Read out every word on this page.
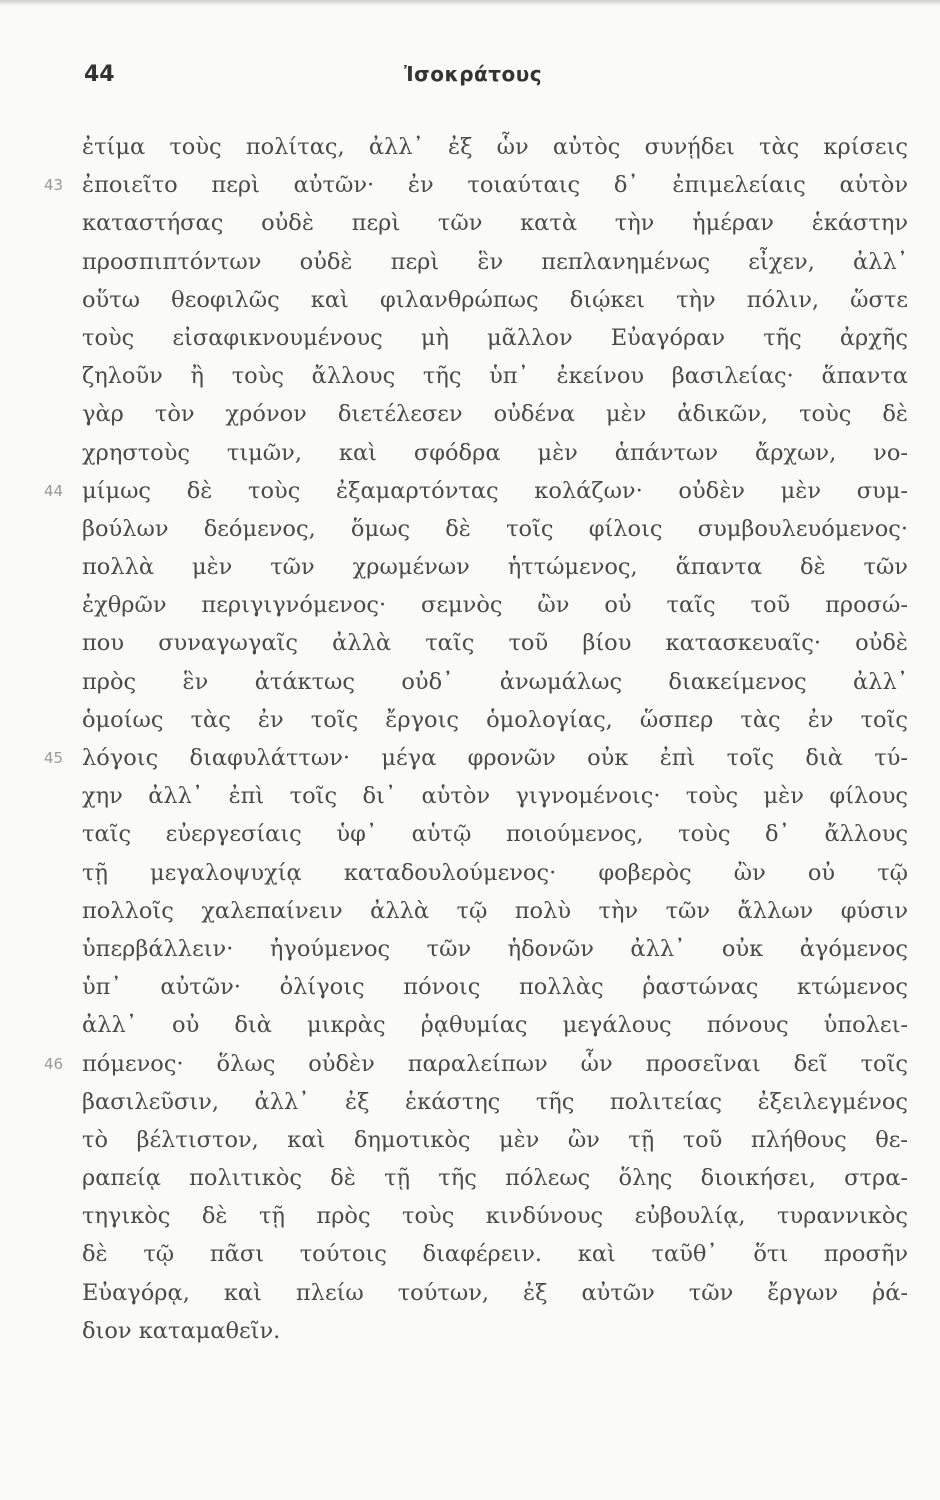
44	Ἰσοκράτους
ἐτίμα τοὺς πολίτας, ἀλλ᾽ ἐξ ὧν αὐτὸς συνῄδει τὰς κρίσεις
43 ἐποιεῖτο περὶ αὐτῶν· ἐν τοιαύταις δ᾽ ἐπιμελείαις αὑτὸν
καταστήσας οὐδὲ περὶ τῶν κατὰ τὴν ἡμέραν ἑκάστην
προσπιπτόντων οὐδὲ περὶ ἓν πεπλανημένως εἶχεν, ἀλλ᾽
οὕτω θεοφιλῶς καὶ φιλανθρώπως διῴκει τὴν πόλιν, ὥστε
τοὺς εἰσαφικνουμένους μὴ μᾶλλον Εὐαγόραν τῆς ἀρχῆς
ζηλοῦν ἢ τοὺς ἄλλους τῆς ὑπ᾽ ἐκείνου βασιλείας· ἅπαντα
γὰρ τὸν χρόνον διετέλεσεν οὐδένα μὲν ἀδικῶν, τοὺς δὲ
χρηστοὺς τιμῶν, καὶ σφόδρα μὲν ἁπάντων ἄρχων, νο-
44 μίμως δὲ τοὺς ἐξαμαρτόντας κολάζων· οὐδὲν μὲν συμ-
βούλων δεόμενος, ὅμως δὲ τοῖς φίλοις συμβουλευόμενος·
πολλὰ μὲν τῶν χρωμένων ἡττώμενος, ἅπαντα δὲ τῶν
ἐχθρῶν περιγιγνόμενος· σεμνὸς ὢν οὐ ταῖς τοῦ προσώ-
που συναγωγαῖς ἀλλὰ ταῖς τοῦ βίου κατασκευαῖς· οὐδὲ
πρὸς ἓν ἀτάκτως οὐδ᾽ ἀνωμάλως διακείμενος ἀλλ᾽
ὁμοίως τὰς ἐν τοῖς ἔργοις ὁμολογίας, ὥσπερ τὰς ἐν τοῖς
45 λόγοις διαφυλάττων· μέγα φρονῶν οὐκ ἐπὶ τοῖς διὰ τύ-
χην ἀλλ᾽ ἐπὶ τοῖς δι᾽ αὑτὸν γιγνομένοις· τοὺς μὲν φίλους
ταῖς εὐεργεσίαις ὑφ᾽ αὑτῷ ποιούμενος, τοὺς δ᾽ ἄλλους
τῇ μεγαλοψυχίᾳ καταδουλούμενος· φοβερὸς ὢν οὐ τῷ
πολλοῖς χαλεπαίνειν ἀλλὰ τῷ πολὺ τὴν τῶν ἄλλων φύσιν
ὑπερβάλλειν· ἡγούμενος τῶν ἡδονῶν ἀλλ᾽ οὐκ ἀγόμενος
ὑπ᾽ αὐτῶν· ὀλίγοις πόνοις πολλὰς ῥαστώνας κτώμενος
ἀλλ᾽ οὐ διὰ μικρὰς ῥᾳθυμίας μεγάλους πόνους ὑπολει-
46 πόμενος· ὅλως οὐδὲν παραλείπων ὧν προσεῖναι δεῖ τοῖς
βασιλεῦσιν, ἀλλ᾽ ἐξ ἑκάστης τῆς πολιτείας ἐξειλεγμένος
τὸ βέλτιστον, καὶ δημοτικὸς μὲν ὢν τῇ τοῦ πλήθους θε-
ραπείᾳ πολιτικὸς δὲ τῇ τῆς πόλεως ὅλης διοικήσει, στρα-
τηγικὸς δὲ τῇ πρὸς τοὺς κινδύνους εὐβουλίᾳ, τυραννικὸς
δὲ τῷ πᾶσι τούτοις διαφέρειν. καὶ ταῦθ᾽ ὅτι προσῆν
Εὐαγόρᾳ, καὶ πλείω τούτων, ἐξ αὐτῶν τῶν ἔργων ῥά-
διον καταμαθεῖν.
